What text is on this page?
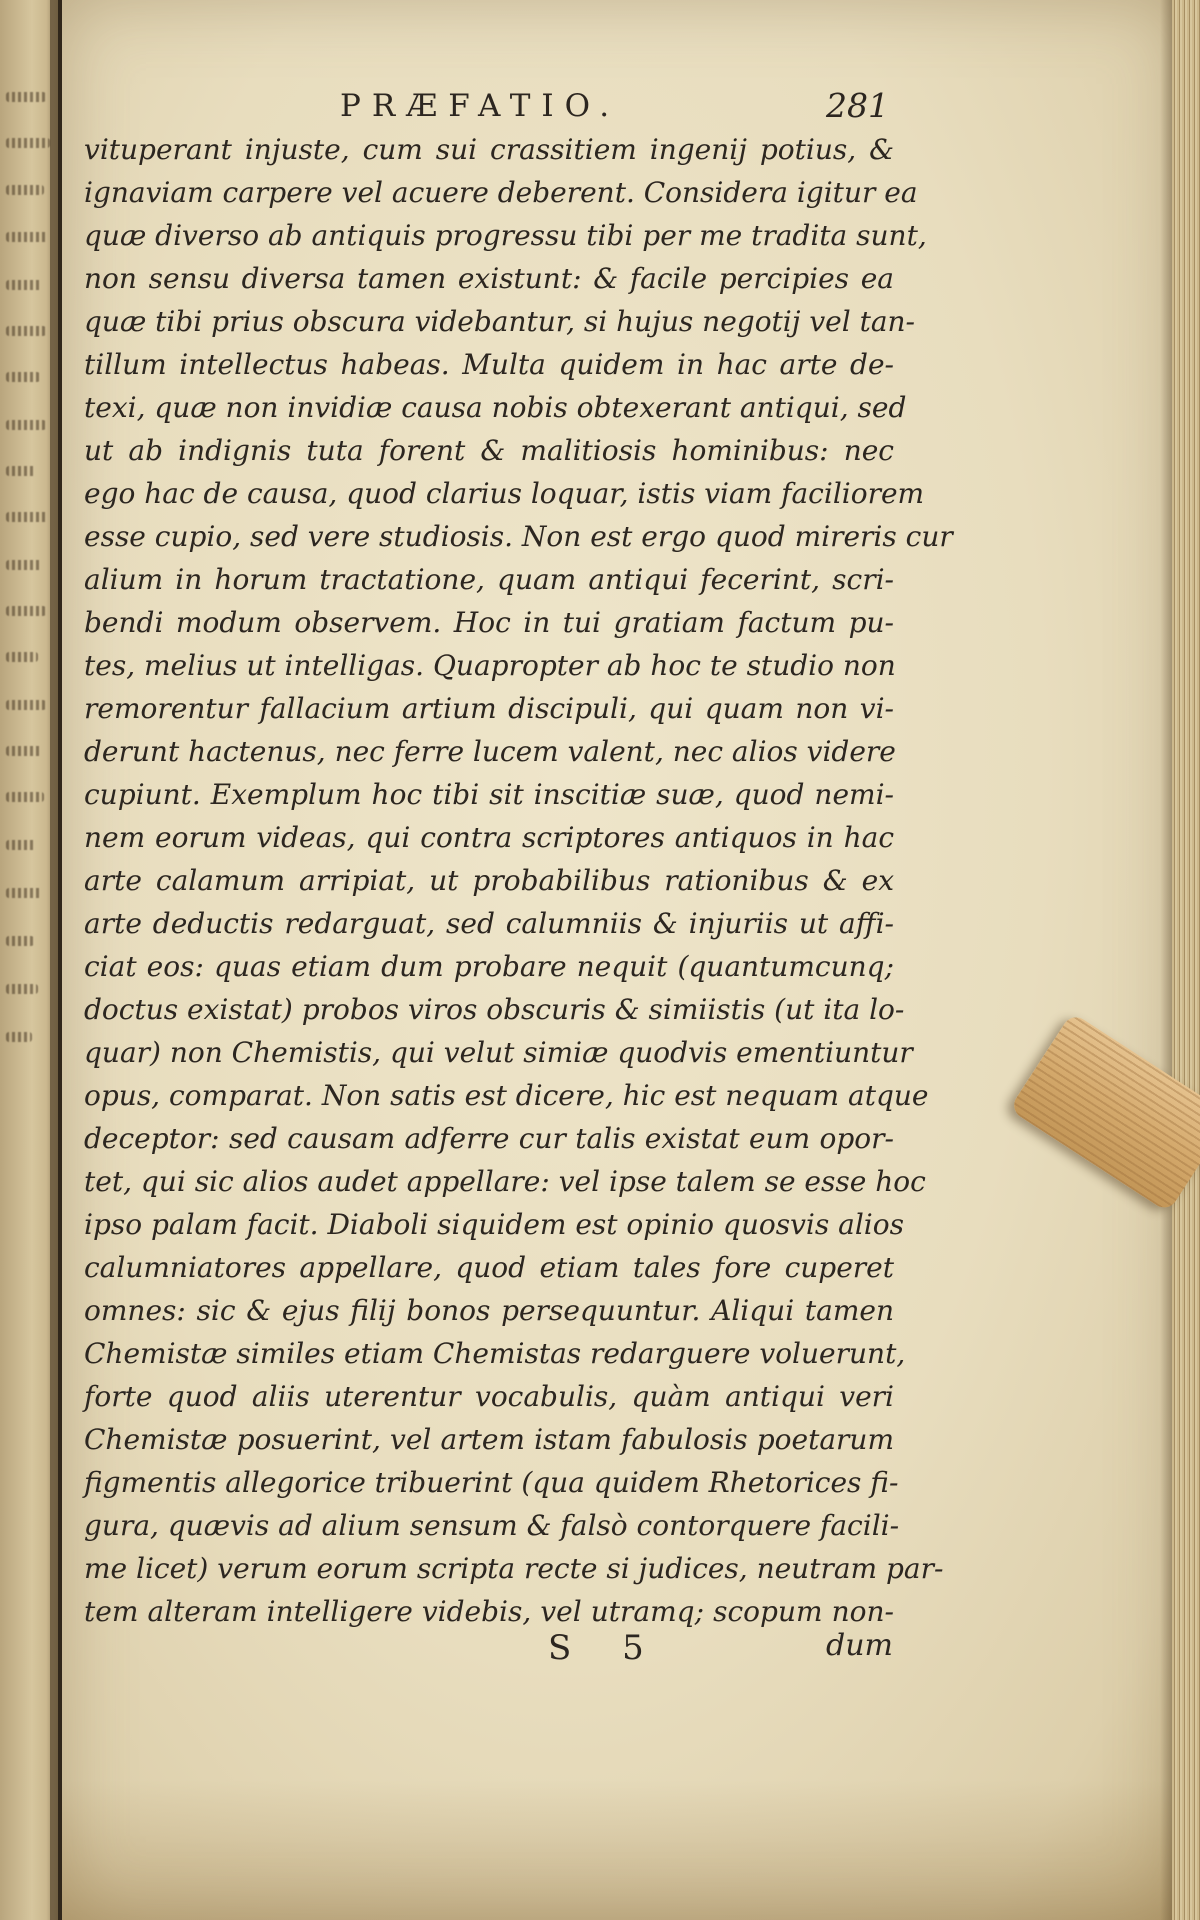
PRÆFATIO.	281
vituperant injuste, cum sui crassitiem ingenij potius, &
ignaviam carpere vel acuere deberent. Considera igitur ea
quæ diverso ab antiquis progressu tibi per me tradita sunt,
non sensu diversa tamen existunt: & facile percipies ea
quæ tibi prius obscura videbantur, si hujus negotij vel tan-
tillum intellectus habeas. Multa quidem in hac arte de-
texi, quæ non invidiæ causa nobis obtexerant antiqui, sed
ut ab indignis tuta forent & malitiosis hominibus: nec
ego hac de causa, quod clarius loquar, istis viam faciliorem
esse cupio, sed vere studiosis. Non est ergo quod mireris cur
alium in horum tractatione, quam antiqui fecerint, scri-
bendi modum observem. Hoc in tui gratiam factum pu-
tes, melius ut intelligas. Quapropter ab hoc te studio non
remorentur fallacium artium discipuli, qui quam non vi-
derunt hactenus, nec ferre lucem valent, nec alios videre
cupiunt. Exemplum hoc tibi sit inscitiæ suæ, quod nemi-
nem eorum videas, qui contra scriptores antiquos in hac
arte calamum arripiat, ut probabilibus rationibus & ex
arte deductis redarguat, sed calumniis & injuriis ut affi-
ciat eos: quas etiam dum probare nequit (quantumcunq;
doctus existat) probos viros obscuris & simiistis (ut ita lo-
quar) non Chemistis, qui velut simiæ quodvis ementiuntur
opus, comparat. Non satis est dicere, hic est nequam atque
deceptor: sed causam adferre cur talis existat eum opor-
tet, qui sic alios audet appellare: vel ipse talem se esse hoc
ipso palam facit. Diaboli siquidem est opinio quosvis alios
calumniatores appellare, quod etiam tales fore cuperet
omnes: sic & ejus filij bonos persequuntur. Aliqui tamen
Chemistæ similes etiam Chemistas redarguere voluerunt,
forte quod aliis uterentur vocabulis, quàm antiqui veri
Chemistæ posuerint, vel artem istam fabulosis poetarum
figmentis allegorice tribuerint (qua quidem Rhetorices fi-
gura, quævis ad alium sensum & falsò contorquere facili-
me licet) verum eorum scripta recte si judices, neutram par-
tem alteram intelligere videbis, vel utramq; scopum non-
S 5	dum
